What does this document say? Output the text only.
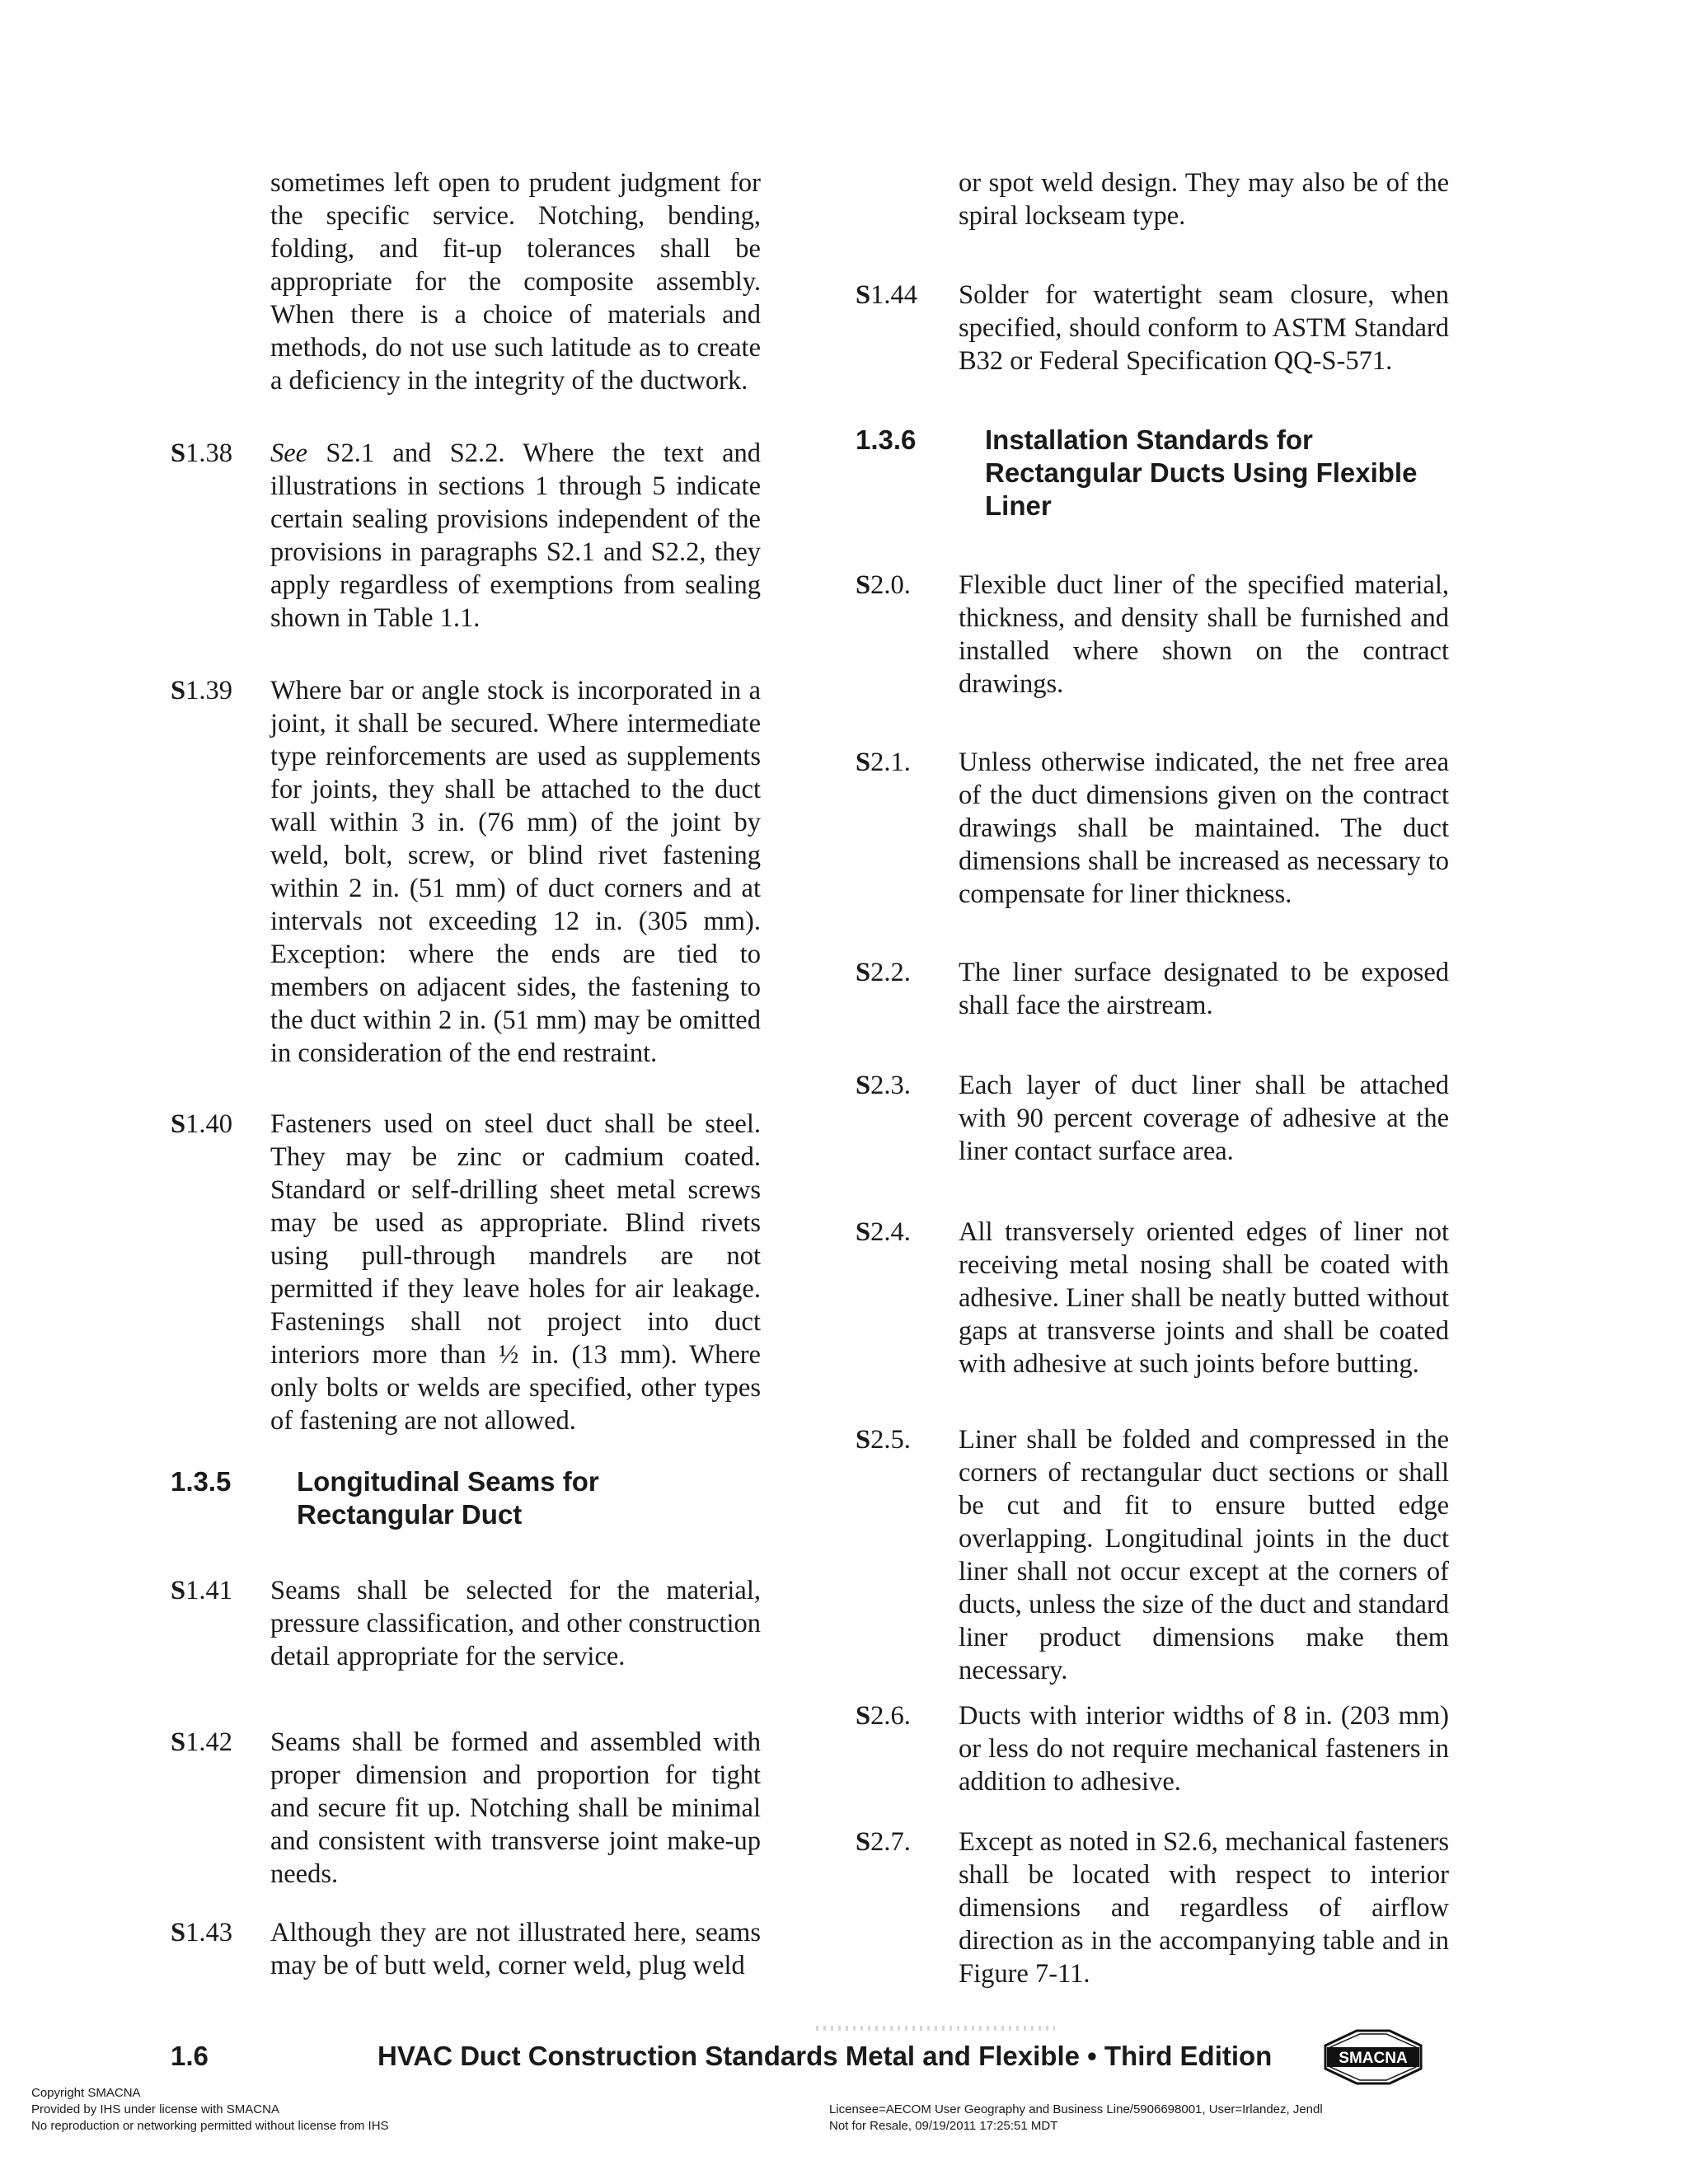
sometimes left open to prudent judgment for the specific service. Notching, bending, folding, and fit-up tolerances shall be appropriate for the composite assembly. When there is a choice of materials and methods, do not use such latitude as to create a deficiency in the integrity of the ductwork.
S1.38 See S2.1 and S2.2. Where the text and illustrations in sections 1 through 5 indicate certain sealing provisions independent of the provisions in paragraphs S2.1 and S2.2, they apply regardless of exemptions from sealing shown in Table 1.1.
S1.39 Where bar or angle stock is incorporated in a joint, it shall be secured. Where intermediate type reinforcements are used as supplements for joints, they shall be attached to the duct wall within 3 in. (76 mm) of the joint by weld, bolt, screw, or blind rivet fastening within 2 in. (51 mm) of duct corners and at intervals not exceeding 12 in. (305 mm). Exception: where the ends are tied to members on adjacent sides, the fastening to the duct within 2 in. (51 mm) may be omitted in consideration of the end restraint.
S1.40 Fasteners used on steel duct shall be steel. They may be zinc or cadmium coated. Standard or self-drilling sheet metal screws may be used as appropriate. Blind rivets using pull-through mandrels are not permitted if they leave holes for air leakage. Fastenings shall not project into duct interiors more than ½ in. (13 mm). Where only bolts or welds are specified, other types of fastening are not allowed.
1.3.5 Longitudinal Seams for Rectangular Duct
S1.41 Seams shall be selected for the material, pressure classification, and other construction detail appropriate for the service.
S1.42 Seams shall be formed and assembled with proper dimension and proportion for tight and secure fit up. Notching shall be minimal and consistent with transverse joint make-up needs.
S1.43 Although they are not illustrated here, seams may be of butt weld, corner weld, plug weld
or spot weld design. They may also be of the spiral lockseam type.
S1.44 Solder for watertight seam closure, when specified, should conform to ASTM Standard B32 or Federal Specification QQ-S-571.
1.3.6	Installation Standards for Rectangular Ducts Using Flexible Liner
S2.0. Flexible duct liner of the specified material, thickness, and density shall be furnished and installed where shown on the contract drawings.
S2.1. Unless otherwise indicated, the net free area of the duct dimensions given on the contract drawings shall be maintained. The duct dimensions shall be increased as necessary to compensate for liner thickness.
S2.2. The liner surface designated to be exposed shall face the airstream.
S2.3. Each layer of duct liner shall be attached with 90 percent coverage of adhesive at the liner contact surface area.
S2.4. All transversely oriented edges of liner not receiving metal nosing shall be coated with adhesive. Liner shall be neatly butted without gaps at transverse joints and shall be coated with adhesive at such joints before butting.
S2.5. Liner shall be folded and compressed in the corners of rectangular duct sections or shall be cut and fit to ensure butted edge overlapping. Longitudinal joints in the duct liner shall not occur except at the corners of ducts, unless the size of the duct and standard liner product dimensions make them necessary.
S2.6. Ducts with interior widths of 8 in. (203 mm) or less do not require mechanical fasteners in addition to adhesive.
S2.7. Except as noted in S2.6, mechanical fasteners shall be located with respect to interior dimensions and regardless of airflow direction as in the accompanying table and in Figure 7-11.
1.6	HVAC Duct Construction Standards Metal and Flexible • Third Edition	SMACNA
Copyright SMACNA
Provided by IHS under license with SMACNA
No reproduction or networking permitted without license from IHS
Licensee=AECOM User Geography and Business Line/5906698001, User=Irlandez, Jendl
Not for Resale, 09/19/2011 17:25:51 MDT
